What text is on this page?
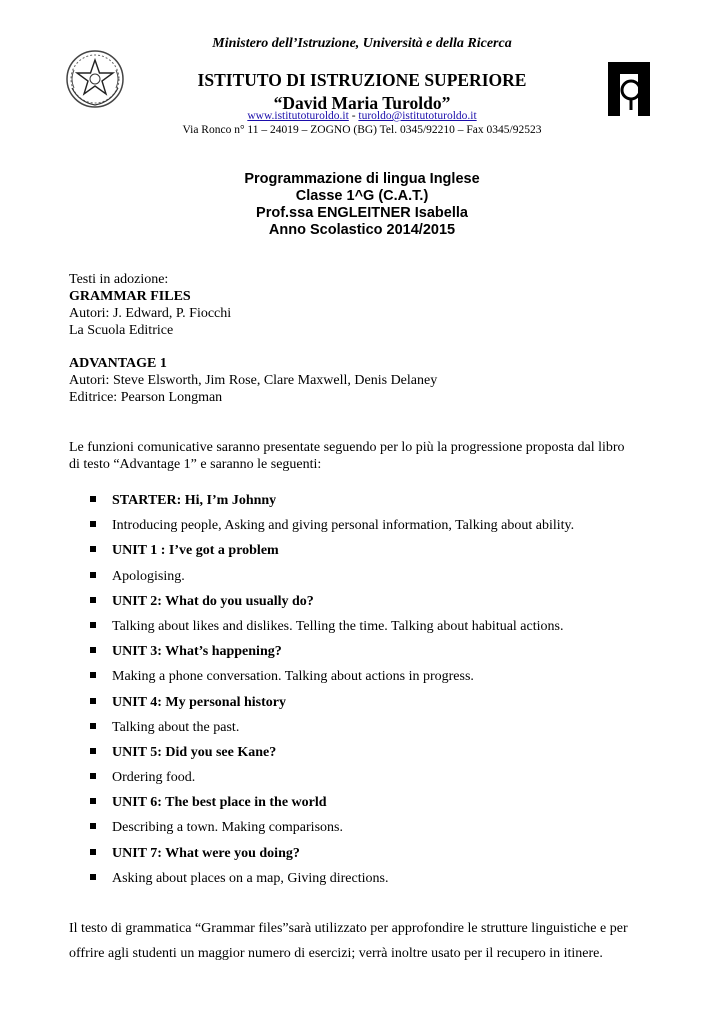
Ministero dell’Istruzione, Università e della Ricerca
ISTITUTO DI ISTRUZIONE SUPERIORE
“David Maria Turoldo”
www.istitutoturoldo.it - turoldo@istitutoturoldo.it
Via Ronco n° 11 – 24019 – ZOGNO (BG) Tel. 0345/92210 – Fax 0345/92523
Programmazione di lingua Inglese
Classe 1^G (C.A.T.)
Prof.ssa ENGLEITNER Isabella
Anno Scolastico 2014/2015
Testi in adozione:
GRAMMAR FILES
Autori: J. Edward, P. Fiocchi
La Scuola Editrice
ADVANTAGE 1
Autori: Steve Elsworth, Jim Rose, Clare Maxwell, Denis Delaney
Editrice: Pearson Longman
Le funzioni comunicative saranno presentate seguendo per lo più la progressione proposta dal libro
di testo “Advantage 1” e saranno le seguenti:
STARTER: Hi, I’m Johnny
Introducing people, Asking and giving personal information, Talking about ability.
UNIT 1 : I’ve got a problem
Apologising.
UNIT 2: What do you usually do?
Talking about likes and dislikes. Telling the time. Talking about habitual actions.
UNIT 3: What’s happening?
Making a phone conversation. Talking about actions in progress.
UNIT 4: My personal history
Talking about the past.
UNIT 5: Did you see Kane?
Ordering food.
UNIT 6: The best place in the world
Describing a town. Making comparisons.
UNIT 7: What were you doing?
Asking about places on a map, Giving directions.
Il testo di grammatica “Grammar files”sarà utilizzato per approfondire le strutture linguistiche e per
offrire agli studenti un maggior numero di esercizi; verrà inoltre usato per il recupero in itinere.
